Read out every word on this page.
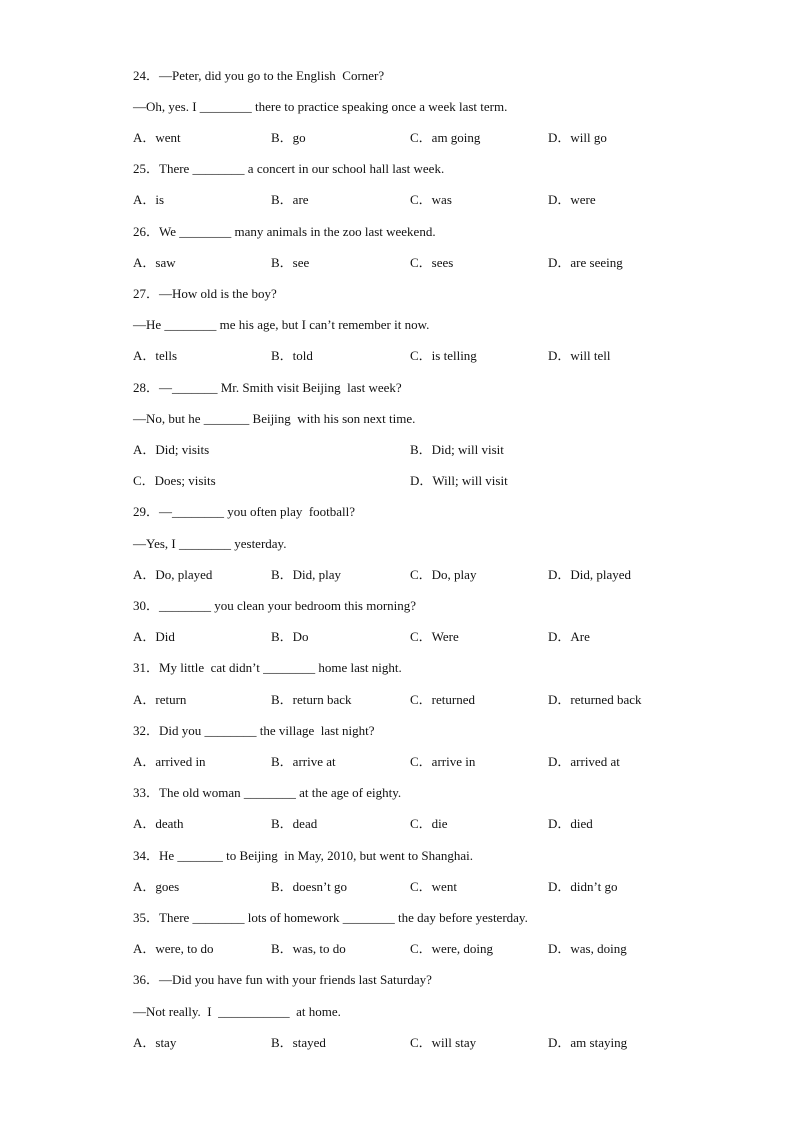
24．—Peter, did you go to the English  Corner?
—Oh, yes. I ________ there to practice speaking once a week last term.
A．went	B．go	C．am going	D．will go
25．There ________ a concert in our school hall last week.
A．is	B．are	C．was	D．were
26．We ________ many animals in the zoo last weekend.
A．saw	B．see	C．sees	D．are seeing
27．—How old is the boy?
—He ________ me his age, but I can’t remember it now.
A．tells	B．told	C．is telling	D．will tell
28．—_______ Mr. Smith visit Beijing  last week?
—No, but he _______ Beijing  with his son next time.
A．Did; visits	B．Did; will visit
C．Does; visits	D．Will; will visit
29．—________ you often play  football?
—Yes, I ________ yesterday.
A．Do, played	B．Did, play	C．Do, play	D．Did, played
30．________ you clean your bedroom this morning?
A．Did	B．Do	C．Were	D．Are
31．My little  cat didn’t ________ home last night.
A．return	B．return back	C．returned	D．returned back
32．Did you ________ the village  last night?
A．arrived in	B．arrive at	C．arrive in	D．arrived at
33．The old woman ________ at the age of eighty.
A．death	B．dead	C．die	D．died
34．He _______ to Beijing  in May, 2010, but went to Shanghai.
A．goes	B．doesn’t go	C．went	D．didn’t go
35．There ________ lots of homework ________ the day before yesterday.
A．were, to do	B．was, to do	C．were, doing	D．was, doing
36．—Did you have fun with your friends last Saturday?
—Not really.  I  ___________  at home.
A．stay	B．stayed	C．will stay	D．am staying
